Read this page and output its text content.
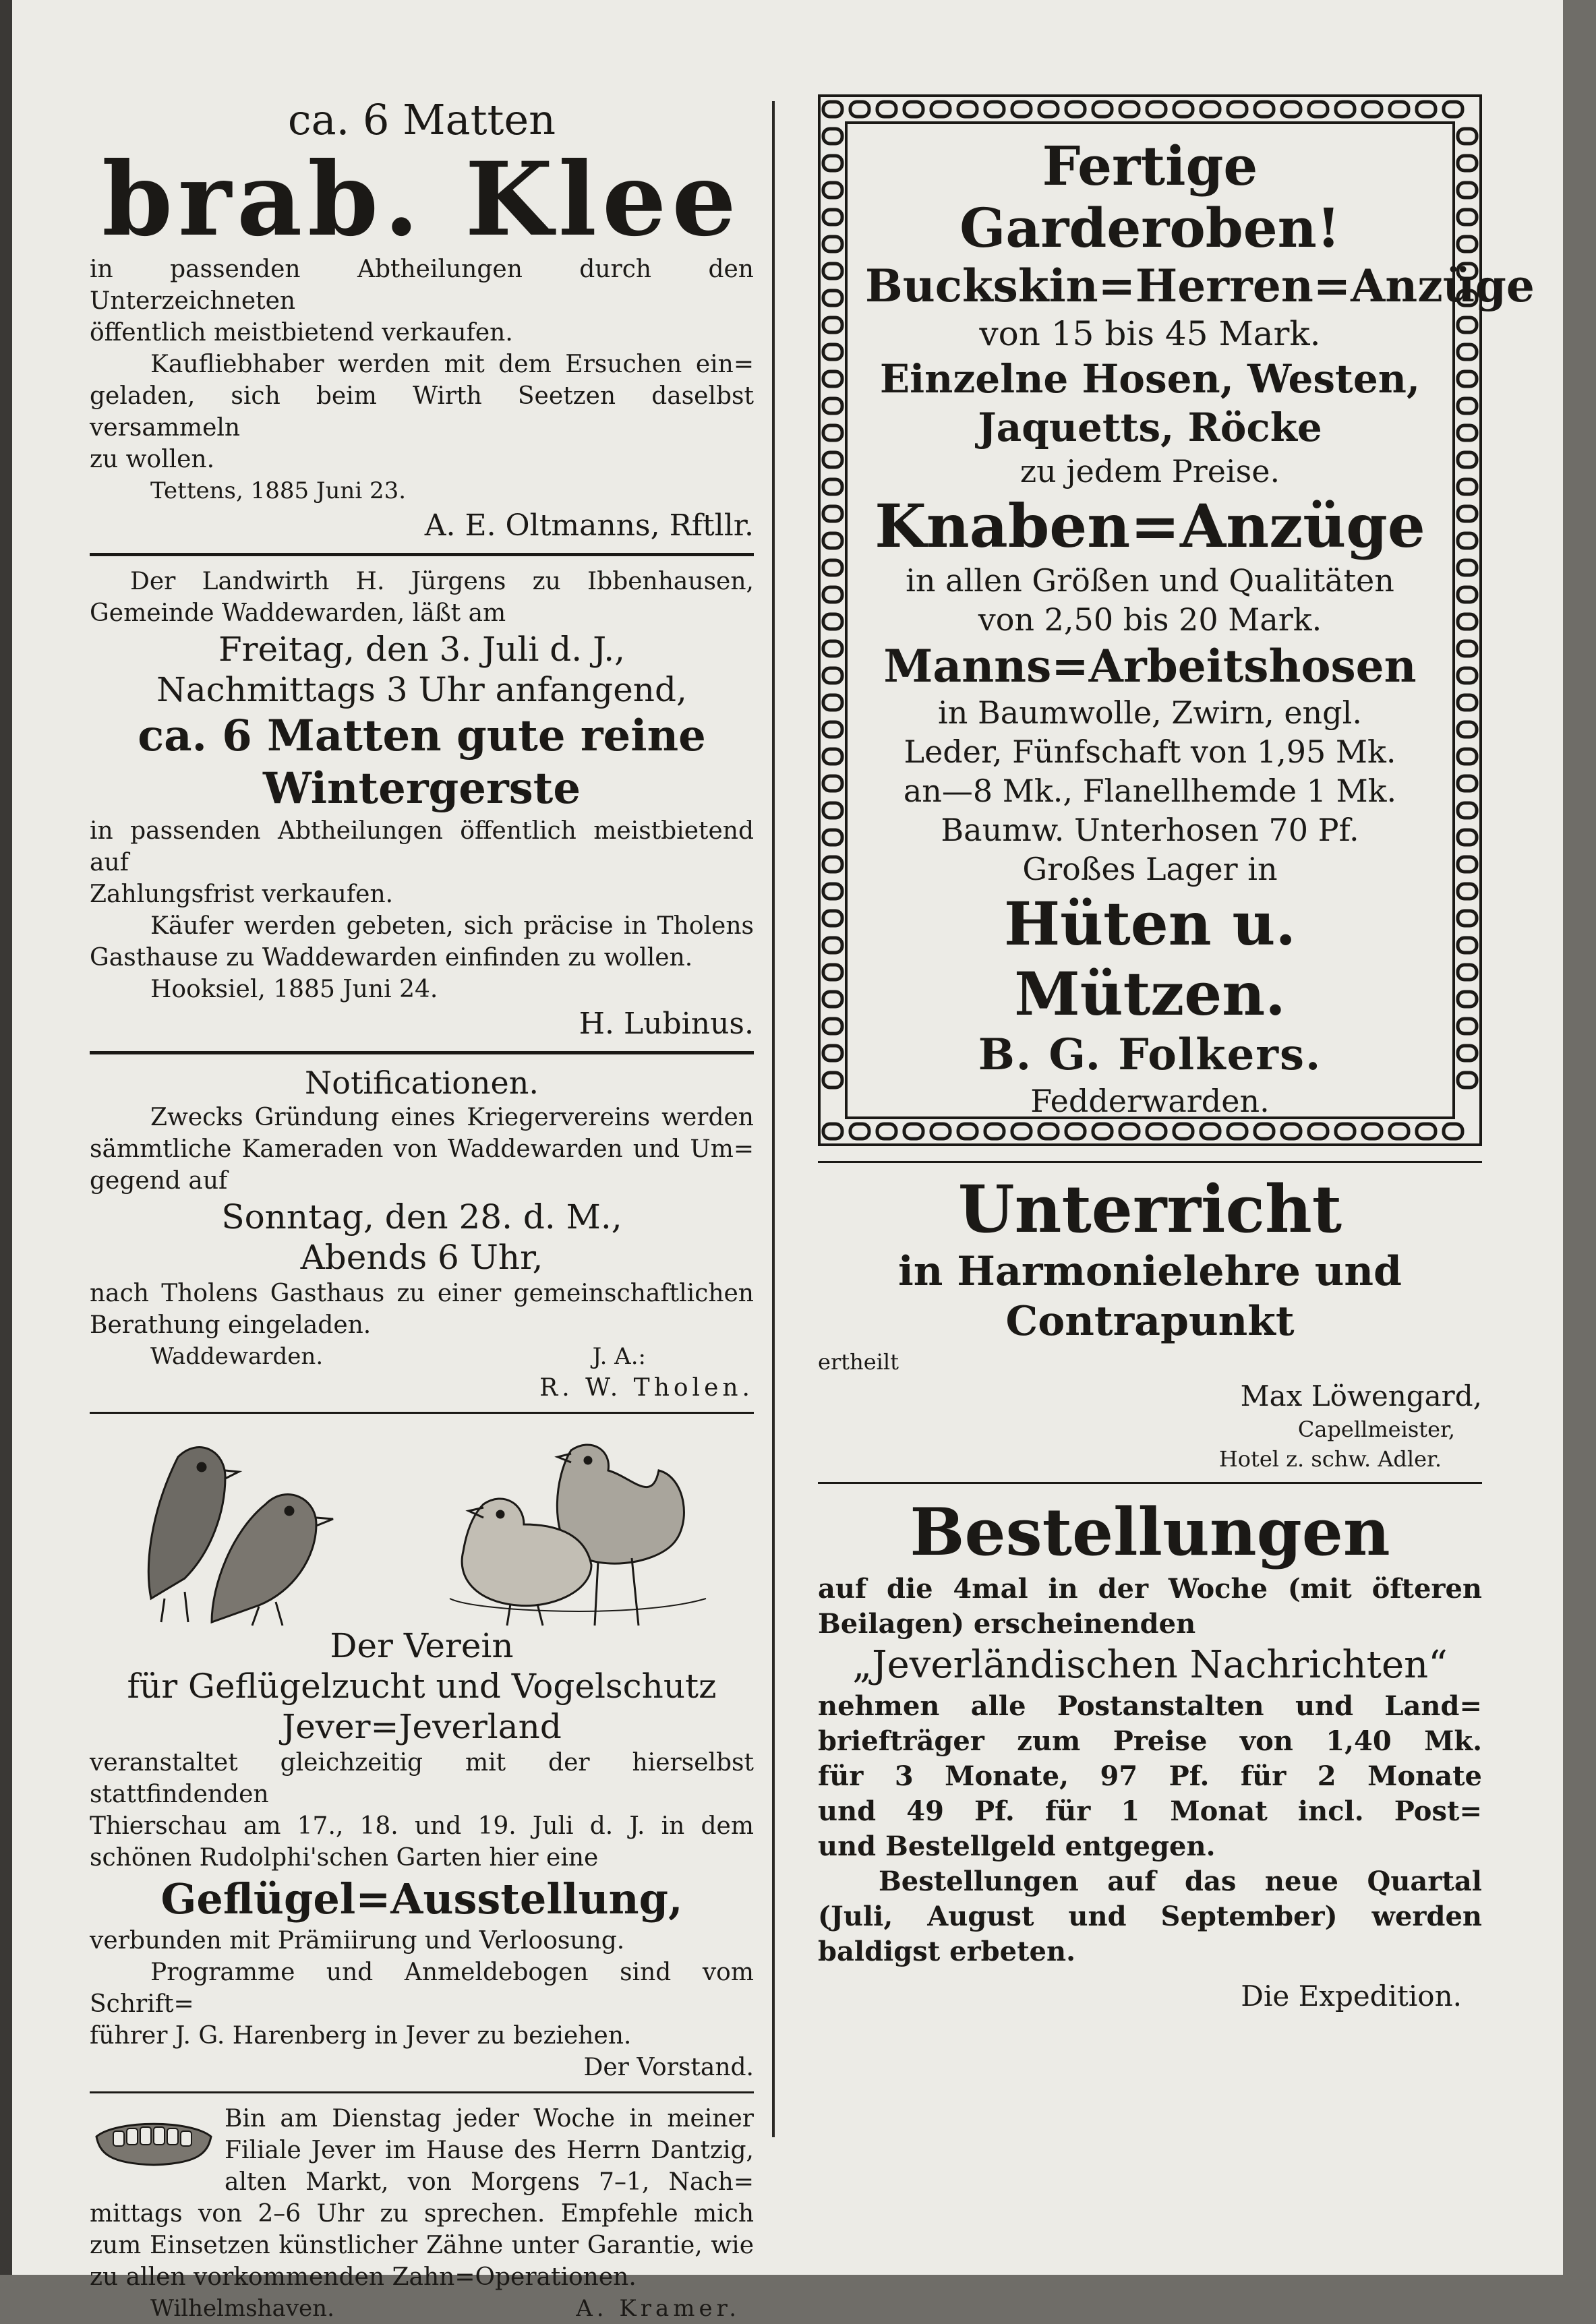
ca. 6 Matten

brab. Klee

in passenden Abtheilungen durch den Unterzeichneten

öffentlich meistbietend verkaufen.

Kaufliebhaber werden mit dem Ersuchen ein=

geladen, sich beim Wirth Seetzen daselbst versammeln

zu wollen.

Tettens, 1885 Juni 23.

A. E. Oltmanns, Rftllr.

Der Landwirth H. Jürgens zu Ibbenhausen,

Gemeinde Waddewarden, läßt am

Freitag, den 3. Juli d. J.,

Nachmittags 3 Uhr anfangend,

ca. 6 Matten gute reine

Wintergerste

in passenden Abtheilungen öffentlich meistbietend auf

Zahlungsfrist verkaufen.

Käufer werden gebeten, sich präcise in Tholens

Gasthause zu Waddewarden einfinden zu wollen.

Hooksiel, 1885 Juni 24.

H. Lubinus.

Notificationen.

Zwecks Gründung eines Kriegervereins werden

sämmtliche Kameraden von Waddewarden und Um=

gegend auf

Sonntag, den 28. d. M.,

Abends 6 Uhr,

nach Tholens Gasthaus zu einer gemeinschaftlichen

Berathung eingeladen.

Waddewarden.	J. A.:

R. W. Tholen.

Der Verein

für Geflügelzucht und Vogelschutz

Jever=Jeverland

veranstaltet gleichzeitig mit der hierselbst stattfindenden

Thierschau am 17., 18. und 19. Juli d. J. in dem

schönen Rudolphi'schen Garten hier eine

Geflügel=Ausstellung,

verbunden mit Prämiirung und Verloosung.

Programme und Anmeldebogen sind vom Schrift=

führer J. G. Harenberg in Jever zu beziehen.

Der Vorstand.

Bin am Dienstag jeder Woche in meiner

Filiale Jever im Hause des Herrn Dantzig,

alten Markt, von Morgens 7–1, Nach=

mittags von 2–6 Uhr zu sprechen. Empfehle mich

zum Einsetzen künstlicher Zähne unter Garantie, wie

zu allen vorkommenden Zahn=Operationen.

Wilhelmshaven.	A. Kramer.

Fertige Garderoben!

Buckskin=Herren=Anzüge

von 15 bis 45 Mark.

Einzelne Hosen, Westen,

Jaquetts, Röcke

zu jedem Preise.

Knaben=Anzüge

in allen Größen und Qualitäten

von 2,50 bis 20 Mark.

Manns=Arbeitshosen

in Baumwolle, Zwirn, engl.

Leder, Fünfschaft von 1,95 Mk.

an—8 Mk., Flanellhemde 1 Mk.

Baumw. Unterhosen 70 Pf.

Großes Lager in

Hüten u. Mützen.

B. G. Folkers.

Fedderwarden.

Unterricht

in Harmonielehre und

Contrapunkt

ertheilt

Max Löwengard,

Capellmeister,

Hotel z. schw. Adler.

Bestellungen

auf die 4mal in der Woche (mit öfteren

Beilagen) erscheinenden

„Jeverländischen Nachrichten“

nehmen alle Postanstalten und Land=

briefträger zum Preise von 1,40 Mk.

für 3 Monate, 97 Pf. für 2 Monate

und 49 Pf. für 1 Monat incl. Post=

und Bestellgeld entgegen.

Bestellungen auf das neue Quartal

(Juli, August und September) werden

baldigst erbeten.

Die Expedition.
